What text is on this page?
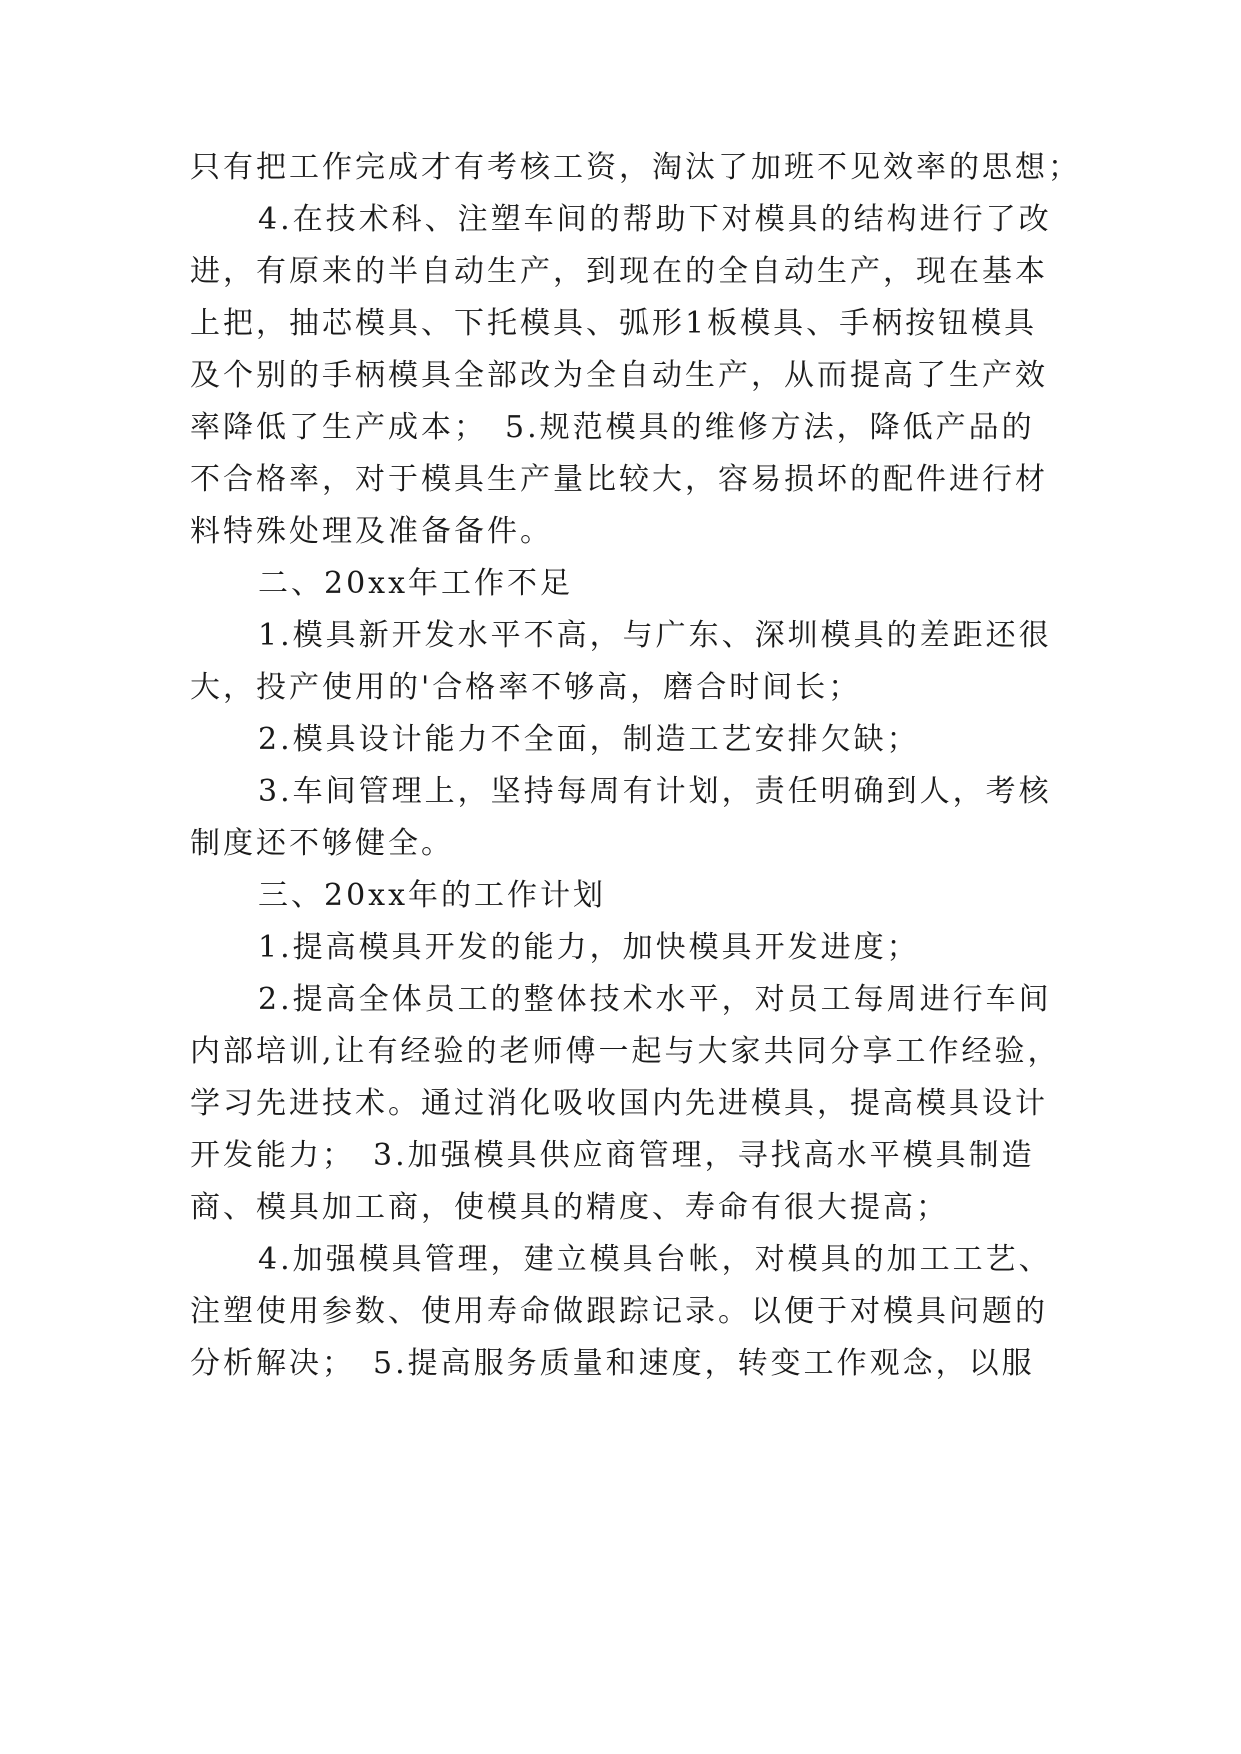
只有把工作完成才有考核工资，淘汰了加班不见效率的思想；
4.在技术科、注塑车间的帮助下对模具的结构进行了改
进，有原来的半自动生产，到现在的全自动生产，现在基本
上把，抽芯模具、下托模具、弧形1板模具、手柄按钮模具
及个别的手柄模具全部改为全自动生产，从而提高了生产效
率降低了生产成本；　5.规范模具的维修方法，降低产品的
不合格率，对于模具生产量比较大，容易损坏的配件进行材
料特殊处理及准备备件。
二、20xx年工作不足
1.模具新开发水平不高，与广东、深圳模具的差距还很
大，投产使用的'合格率不够高，磨合时间长；
2.模具设计能力不全面，制造工艺安排欠缺；
3.车间管理上，坚持每周有计划，责任明确到人，考核
制度还不够健全。
三、20xx年的工作计划
1.提高模具开发的能力，加快模具开发进度；
2.提高全体员工的整体技术水平，对员工每周进行车间
内部培训,让有经验的老师傅一起与大家共同分享工作经验，
学习先进技术。通过消化吸收国内先进模具，提高模具设计
开发能力；　3.加强模具供应商管理，寻找高水平模具制造
商、模具加工商，使模具的精度、寿命有很大提高；
4.加强模具管理，建立模具台帐，对模具的加工工艺、
注塑使用参数、使用寿命做跟踪记录。以便于对模具问题的
分析解决；　5.提高服务质量和速度，转变工作观念，以服
